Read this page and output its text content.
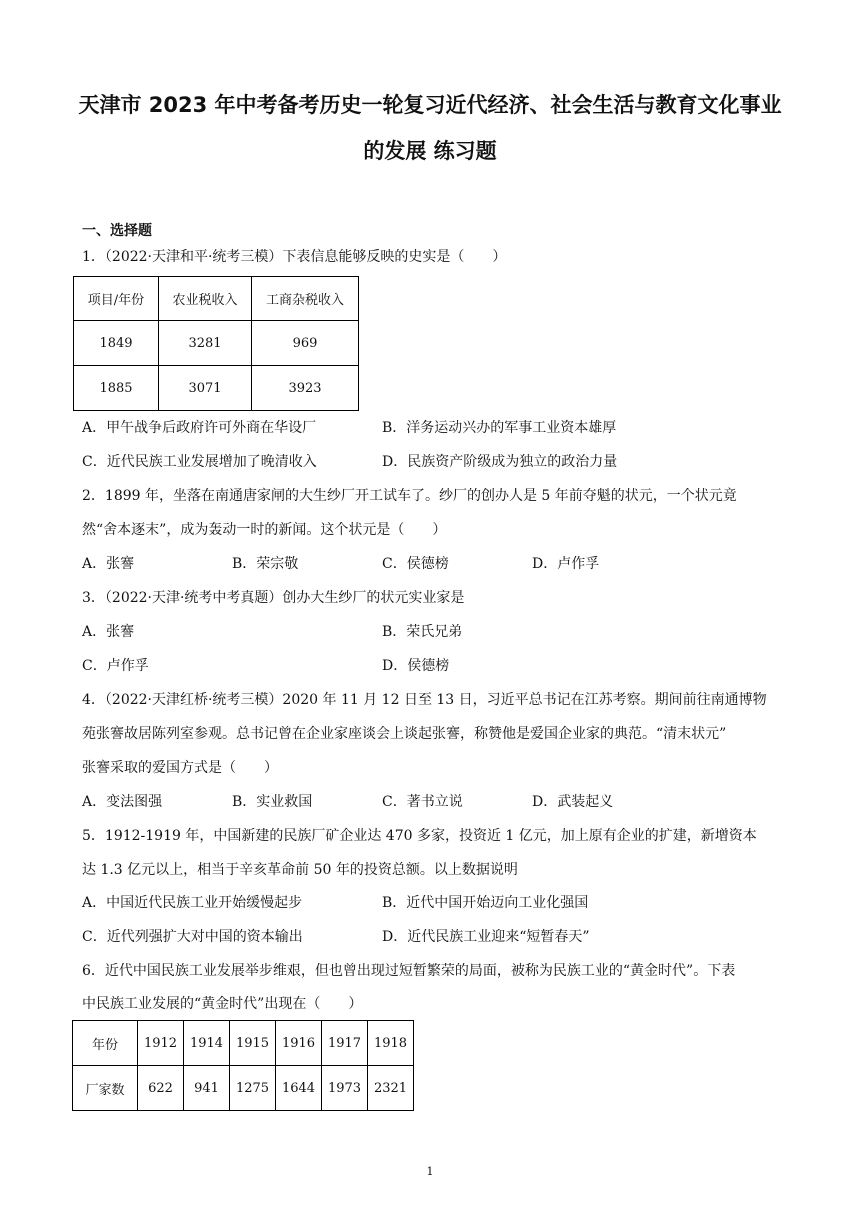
天津市 2023 年中考备考历史一轮复习近代经济、社会生活与教育文化事业
的发展 练习题
一、选择题
1．（2022·天津和平·统考三模）下表信息能够反映的史实是（　　）
项目/年份	农业税收入	工商杂税收入
1849	3281	969
1885	3071	3923
A．甲午战争后政府许可外商在华设厂	B．洋务运动兴办的军事工业资本雄厚
C．近代民族工业发展增加了晚清收入	D．民族资产阶级成为独立的政治力量
2．1899 年，坐落在南通唐家闸的大生纱厂开工试车了。纱厂的创办人是 5 年前夺魁的状元，一个状元竟
然“舍本逐末”，成为轰动一时的新闻。这个状元是（　　）
A．张謇	B．荣宗敬	C．侯德榜	D．卢作孚
3．（2022·天津·统考中考真题）创办大生纱厂的状元实业家是
A．张謇	B．荣氏兄弟
C．卢作孚	D．侯德榜
4．（2022·天津红桥·统考三模）2020 年 11 月 12 日至 13 日，习近平总书记在江苏考察。期间前往南通博物
苑张謇故居陈列室参观。总书记曾在企业家座谈会上谈起张謇，称赞他是爱国企业家的典范。“清末状元”
张謇采取的爱国方式是（　　）
A．变法图强	B．实业救国	C．著书立说	D．武装起义
5．1912-1919 年，中国新建的民族厂矿企业达 470 多家，投资近 1 亿元，加上原有企业的扩建，新增资本
达 1.3 亿元以上，相当于辛亥革命前 50 年的投资总额。以上数据说明
A．中国近代民族工业开始缓慢起步	B．近代中国开始迈向工业化强国
C．近代列强扩大对中国的资本输出	D．近代民族工业迎来“短暂春天”
6．近代中国民族工业发展举步维艰，但也曾出现过短暂繁荣的局面，被称为民族工业的“黄金时代”。下表
中民族工业发展的“黄金时代”出现在（　　）
年份	1912	1914	1915	1916	1917	1918
厂家数	622	941	1275	1644	1973	2321
1
